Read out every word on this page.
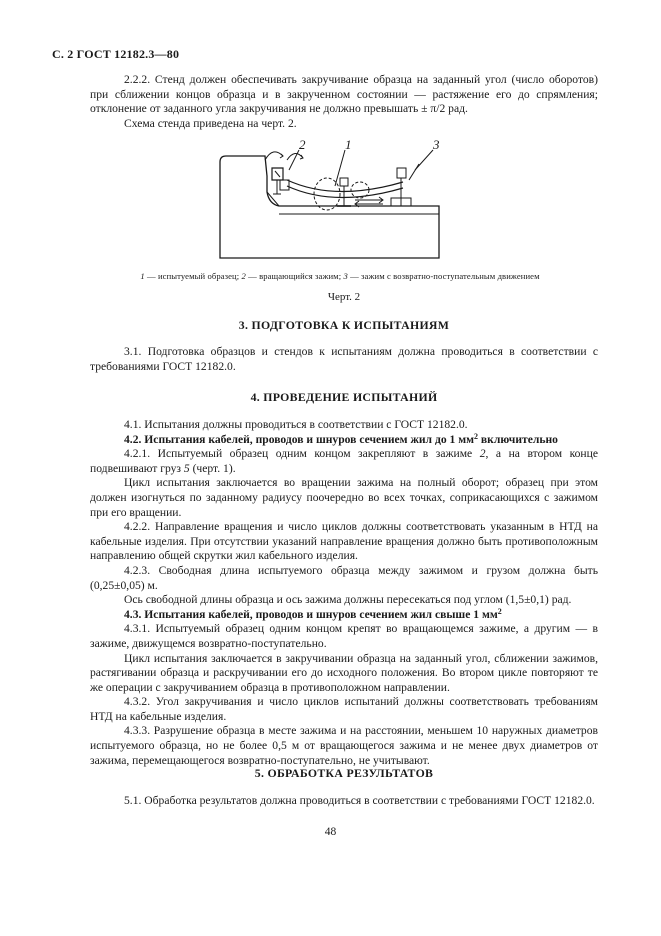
С. 2 ГОСТ 12182.3—80

2.2.2. Стенд должен обеспечивать закручивание образца на заданный угол (число оборотов) при сближении концов образца и в закрученном состоянии — растяжение его до спрямления; отклонение от заданного угла закручивания не должно превышать ± π/2 рад.

Схема стенда приведена на черт. 2.

2	1	3
1 — испытуемый образец; 2 — вращающийся зажим; 3 — зажим с возвратно-поступательным движением
Черт. 2
3. ПОДГОТОВКА К ИСПЫТАНИЯМ

3.1. Подготовка образцов и стендов к испытаниям должна проводиться в соответствии с требованиями ГОСТ 12182.0.

4. ПРОВЕДЕНИЕ ИСПЫТАНИЙ

4.1. Испытания должны проводиться в соответствии с ГОСТ 12182.0.

4.2. Испытания кабелей, проводов и шнуров сечением жил до 1 $мм^2$ включительно

4.2.1. Испытуемый образец одним концом закрепляют в зажиме 2, а на втором конце подвешивают груз 5 (черт. 1).

Цикл испытания заключается во вращении зажима на полный оборот; образец при этом должен изогнуться по заданному радиусу поочередно во всех точках, соприкасающихся с зажимом при его вращении.

4.2.2. Направление вращения и число циклов должны соответствовать указанным в НТД на кабельные изделия. При отсутствии указаний направление вращения должно быть противоположным направлению общей скрутки жил кабельного изделия.

4.2.3. Свободная длина испытуемого образца между зажимом и грузом должна быть (0,25±0,05) м.

Ось свободной длины образца и ось зажима должны пересекаться под углом (1,5±0,1) рад.

4.3. Испытания кабелей, проводов и шнуров сечением жил свыше 1 $мм^2$

4.3.1. Испытуемый образец одним концом крепят во вращающемся зажиме, а другим — в зажиме, движущемся возвратно-поступательно.

Цикл испытания заключается в закручивании образца на заданный угол, сближении зажимов, растягивании образца и раскручивании его до исходного положения. Во втором цикле повторяют те же операции с закручиванием образца в противоположном направлении.

4.3.2. Угол закручивания и число циклов испытаний должны соответствовать требованиям НТД на кабельные изделия.

4.3.3. Разрушение образца в месте зажима и на расстоянии, меньшем 10 наружных диаметров испытуемого образца, но не более 0,5 м от вращающегося зажима и не менее двух диаметров от зажима, перемещающегося возвратно-поступательно, не учитывают.

5. ОБРАБОТКА РЕЗУЛЬТАТОВ

5.1. Обработка результатов должна проводиться в соответствии с требованиями ГОСТ 12182.0.

48
